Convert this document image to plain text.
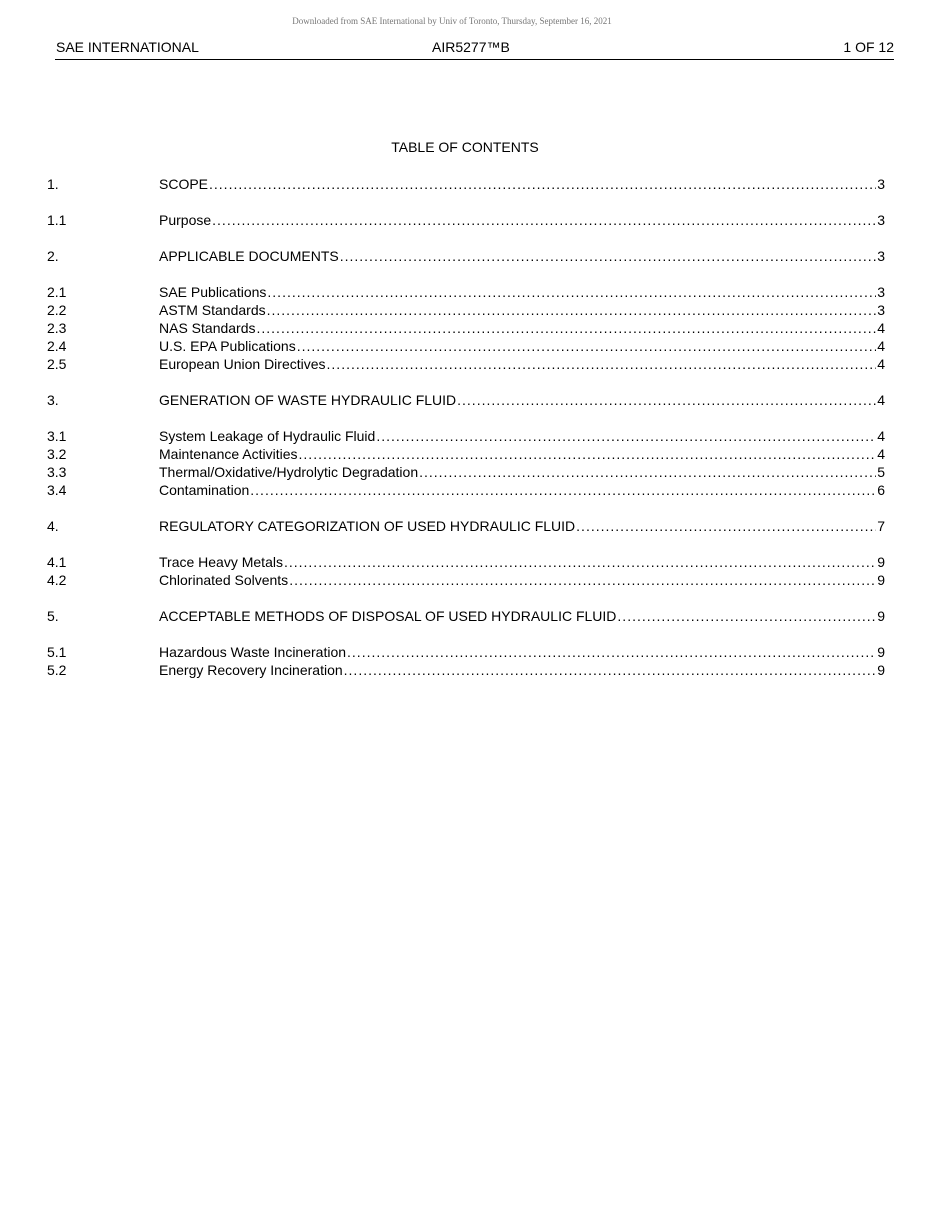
Downloaded from SAE International by Univ of Toronto, Thursday, September 16, 2021
SAE INTERNATIONAL	AIR5277™B	1 OF 12
TABLE OF CONTENTS
1.	SCOPE .....	3
1.1	Purpose .....	3
2.	APPLICABLE DOCUMENTS .....	3
2.1	SAE Publications .....	3
2.2	ASTM Standards .....	3
2.3	NAS Standards .....	4
2.4	U.S. EPA Publications .....	4
2.5	European Union Directives .....	4
3.	GENERATION OF WASTE HYDRAULIC FLUID .....	4
3.1	System Leakage of Hydraulic Fluid .....	4
3.2	Maintenance Activities .....	4
3.3	Thermal/Oxidative/Hydrolytic Degradation .....	5
3.4	Contamination .....	6
4.	REGULATORY CATEGORIZATION OF USED HYDRAULIC FLUID .....	7
4.1	Trace Heavy Metals .....	9
4.2	Chlorinated Solvents .....	9
5.	ACCEPTABLE METHODS OF DISPOSAL OF USED HYDRAULIC FLUID .....	9
5.1	Hazardous Waste Incineration .....	9
5.2	Energy Recovery Incineration .....	9
